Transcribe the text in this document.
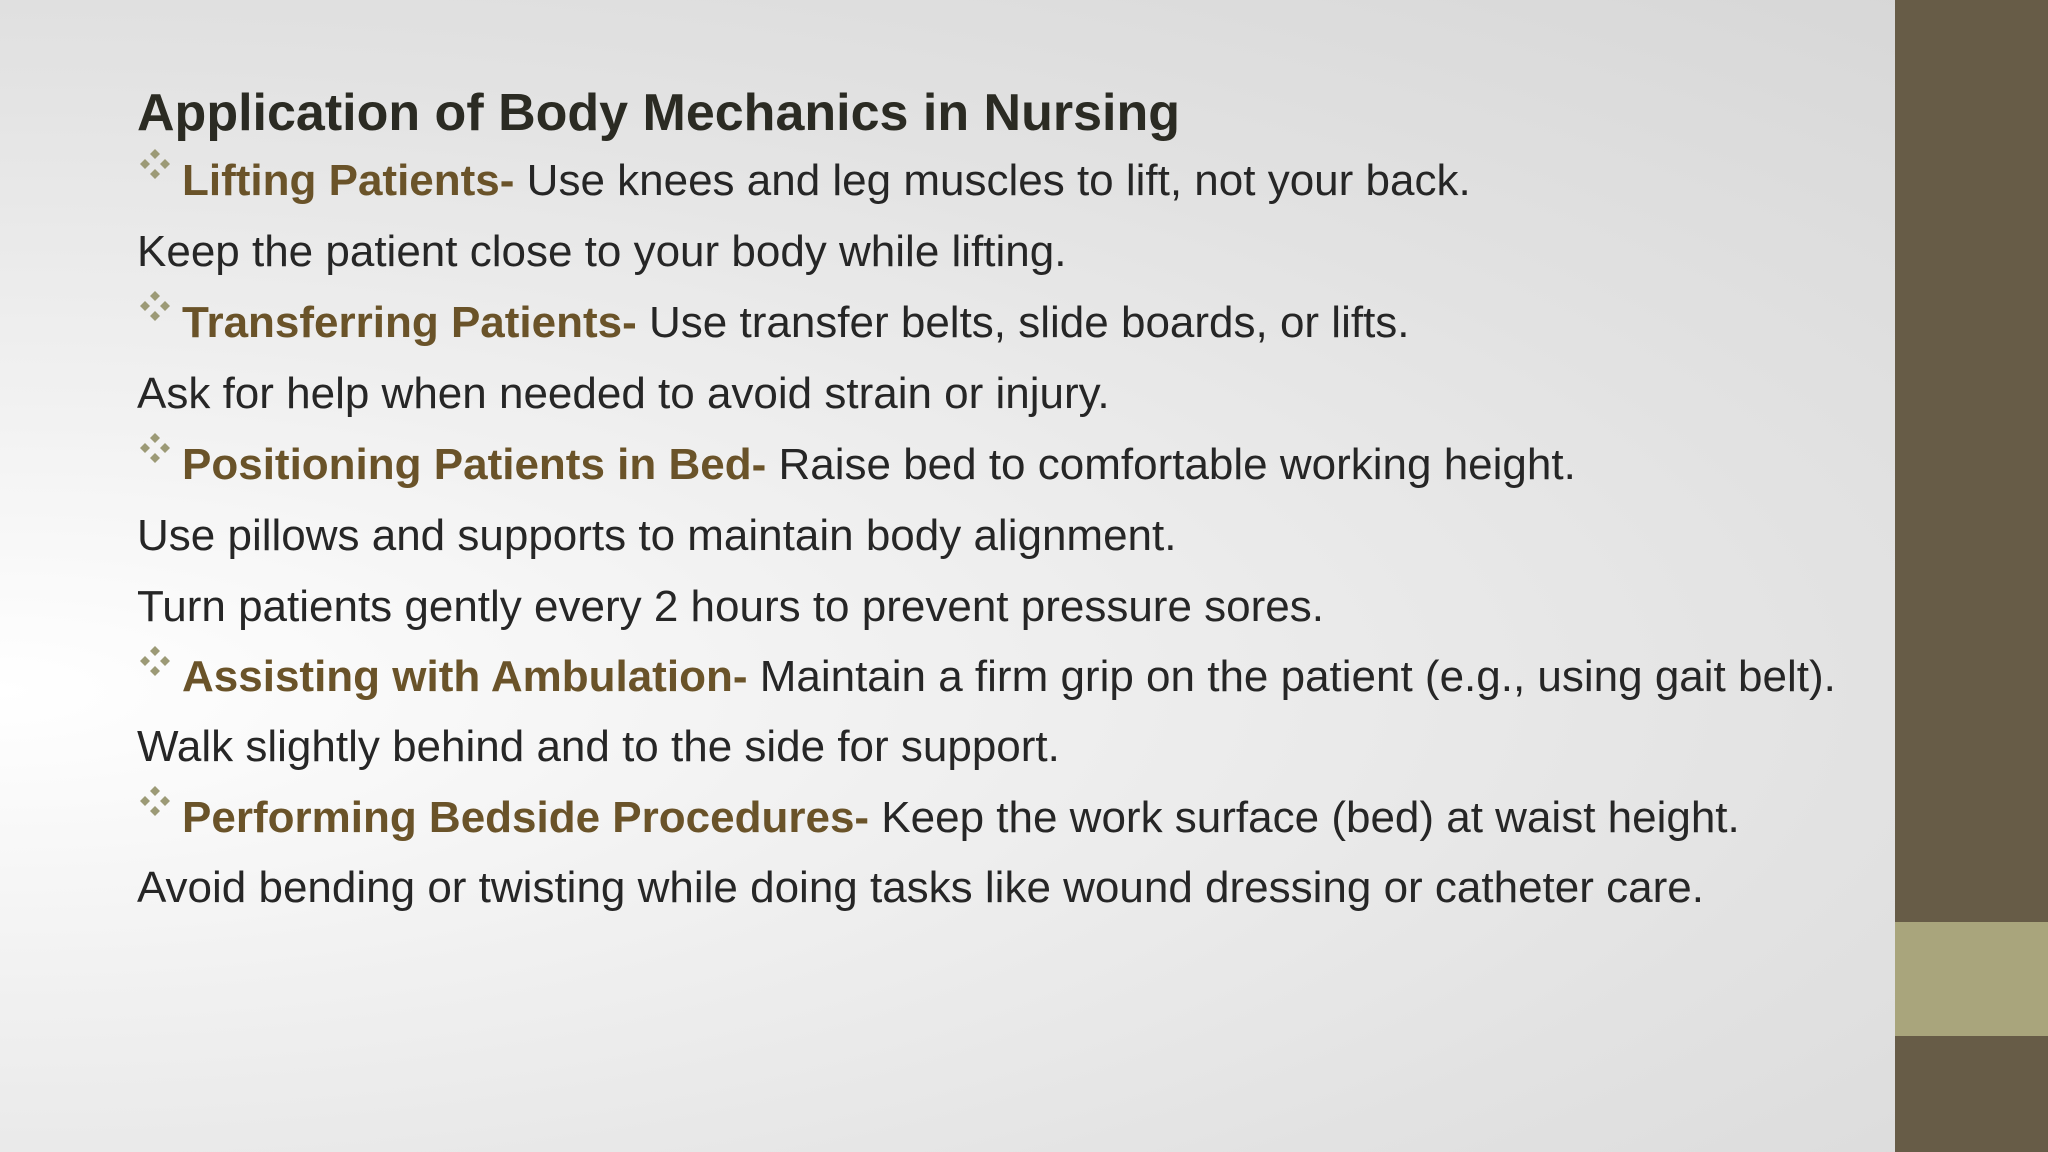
Application of Body Mechanics in Nursing
Lifting Patients- Use knees and leg muscles to lift, not your back.
Keep the patient close to your body while lifting.
Transferring Patients- Use transfer belts, slide boards, or lifts.
Ask for help when needed to avoid strain or injury.
Positioning Patients in Bed- Raise bed to comfortable working height.
Use pillows and supports to maintain body alignment.
Turn patients gently every 2 hours to prevent pressure sores.
Assisting with Ambulation- Maintain a firm grip on the patient (e.g., using gait belt).
Walk slightly behind and to the side for support.
Performing Bedside Procedures- Keep the work surface (bed) at waist height.
Avoid bending or twisting while doing tasks like wound dressing or catheter care.
